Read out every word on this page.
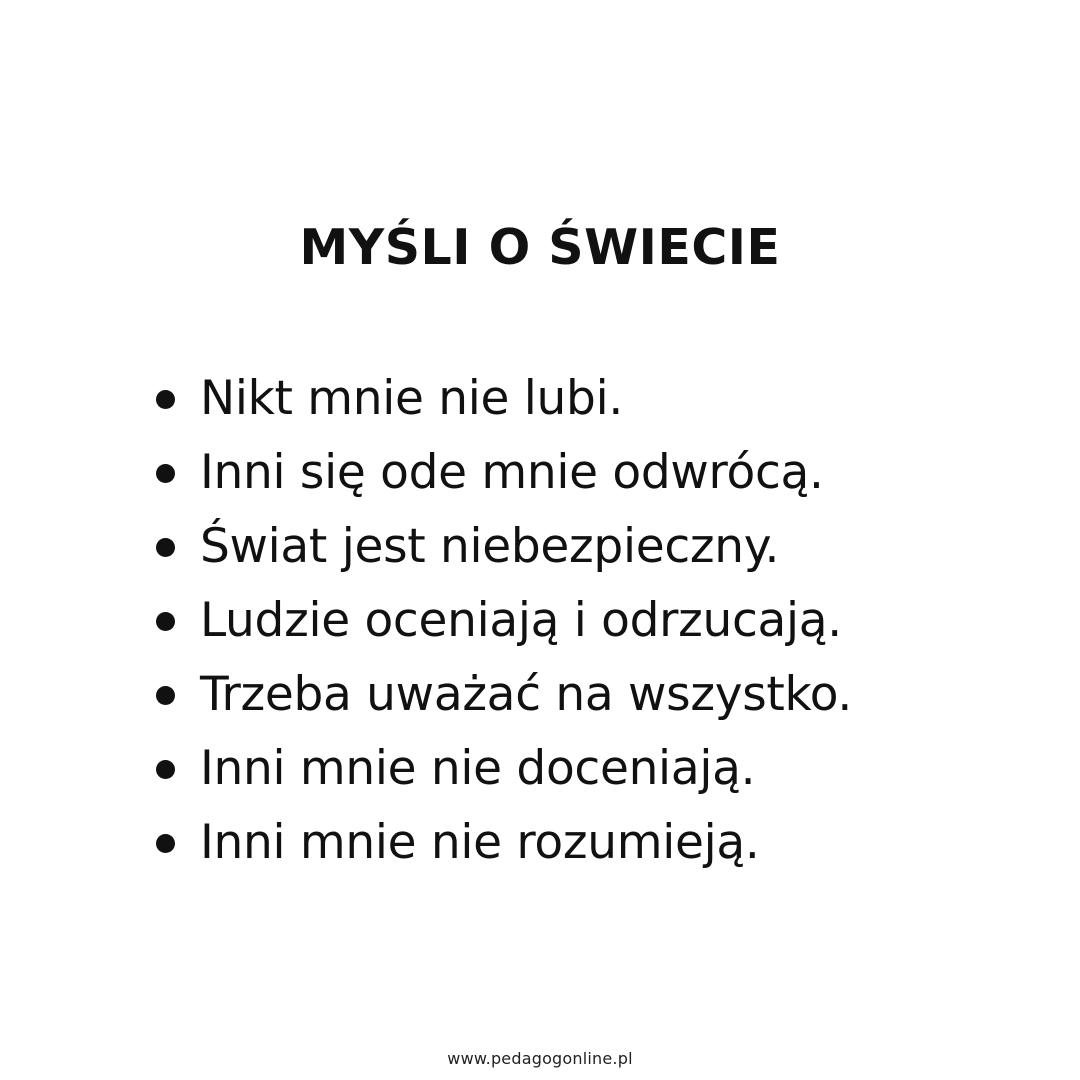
MYŚLI O ŚWIECIE
Nikt mnie nie lubi.
Inni się ode mnie odwrócą.
Świat jest niebezpieczny.
Ludzie oceniają i odrzucają.
Trzeba uważać na wszystko.
Inni mnie nie doceniają.
Inni mnie nie rozumieją.
www.pedagogonline.pl
